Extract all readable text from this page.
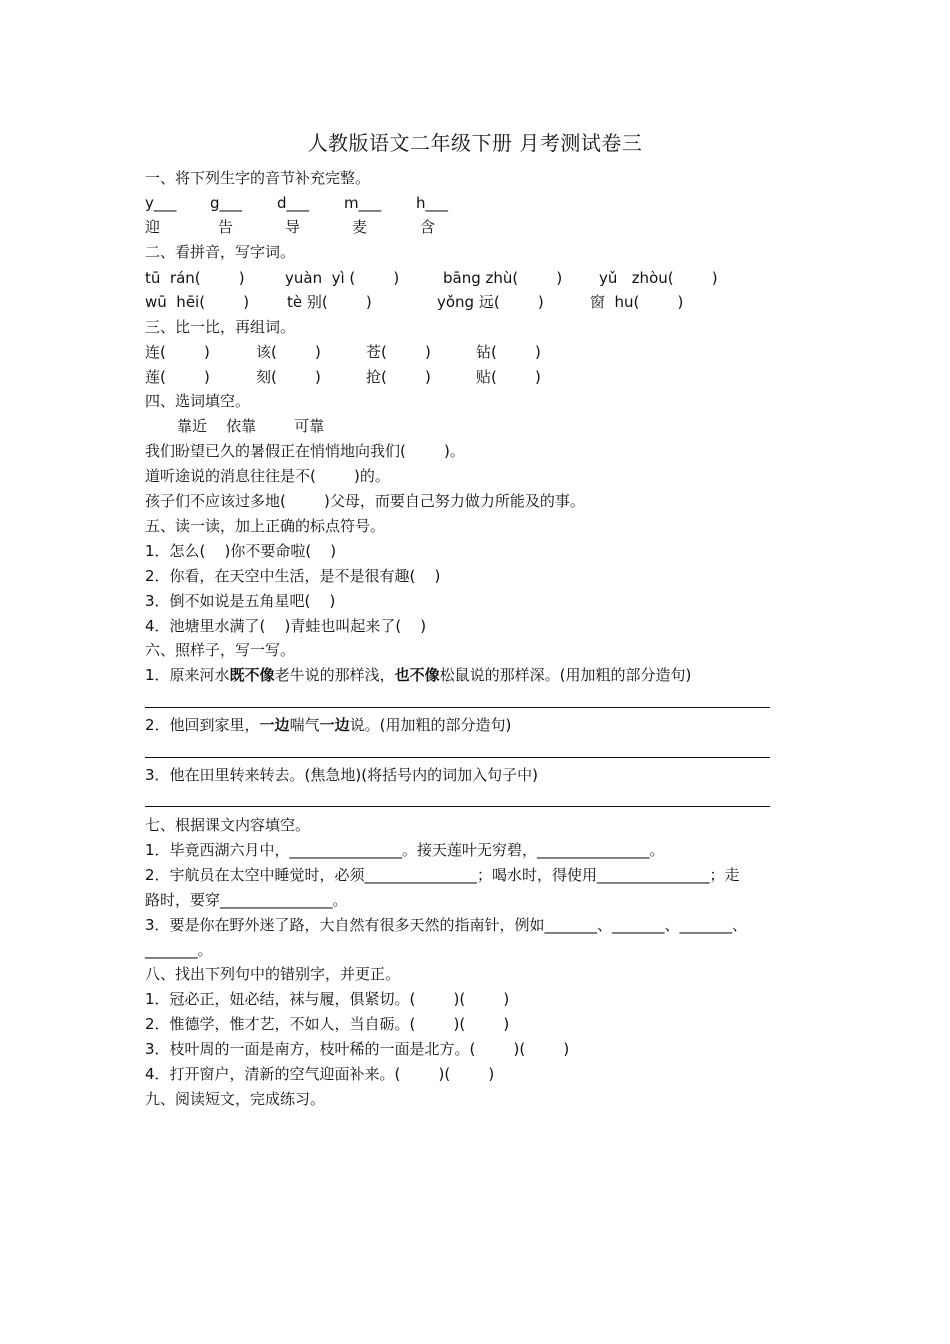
人教版语文二年级下册 月考测试卷三
一、将下列生字的音节补充完整。
y___ g___ d___ m___ h___
迎	告	导	麦	含
二、看拼音，写字词。
tū  rán(        )	yuàn  yì (        )	bāng zhù(        ) yǔ   zhòu(        )
wū  hēi(        )	tè 别(        )	yǒng 远(        )	窗  hu(        )
三、比一比，再组词。
连(        )	该(        )	苍(        )	钻(        )
莲(        )	刻(        )	抢(        )	贴(        )
四、选词填空。
靠近    依靠        可靠
我们盼望已久的暑假正在悄悄地向我们(        )。
道听途说的消息往往是不(        )的。
孩子们不应该过多地(        )父母，而要自己努力做力所能及的事。
五、读一读，加上正确的标点符号。
1．怎么(    )你不要命啦(    )
2．你看，在天空中生活，是不是很有趣(    )
3．倒不如说是五角星吧(    )
4．池塘里水满了(    )青蛙也叫起来了(    )
六、照样子，写一写。
1．原来河水既不像老牛说的那样浅，也不像松鼠说的那样深。(用加粗的部分造句)
2．他回到家里，一边喘气一边说。(用加粗的部分造句)
3．他在田里转来转去。(焦急地)(将括号内的词加入句子中)
七、根据课文内容填空。
1．毕竟西湖六月中，_______________。接天莲叶无穷碧，_______________。
2．宇航员在太空中睡觉时，必须_______________；喝水时，得使用_______________；走
路时，要穿_______________。
3．要是你在野外迷了路，大自然有很多天然的指南针，例如_______、_______、_______、
_______。
八、找出下列句中的错别字，并更正。
1．冠必正，妞必结，袜与履，俱紧切。(        )(        )
2．惟德学，惟才艺，不如人，当自砺。(        )(        )
3．枝叶周的一面是南方，枝叶稀的一面是北方。(        )(        )
4．打开窗户，清新的空气迎面补来。(        )(        )
九、阅读短文，完成练习。
